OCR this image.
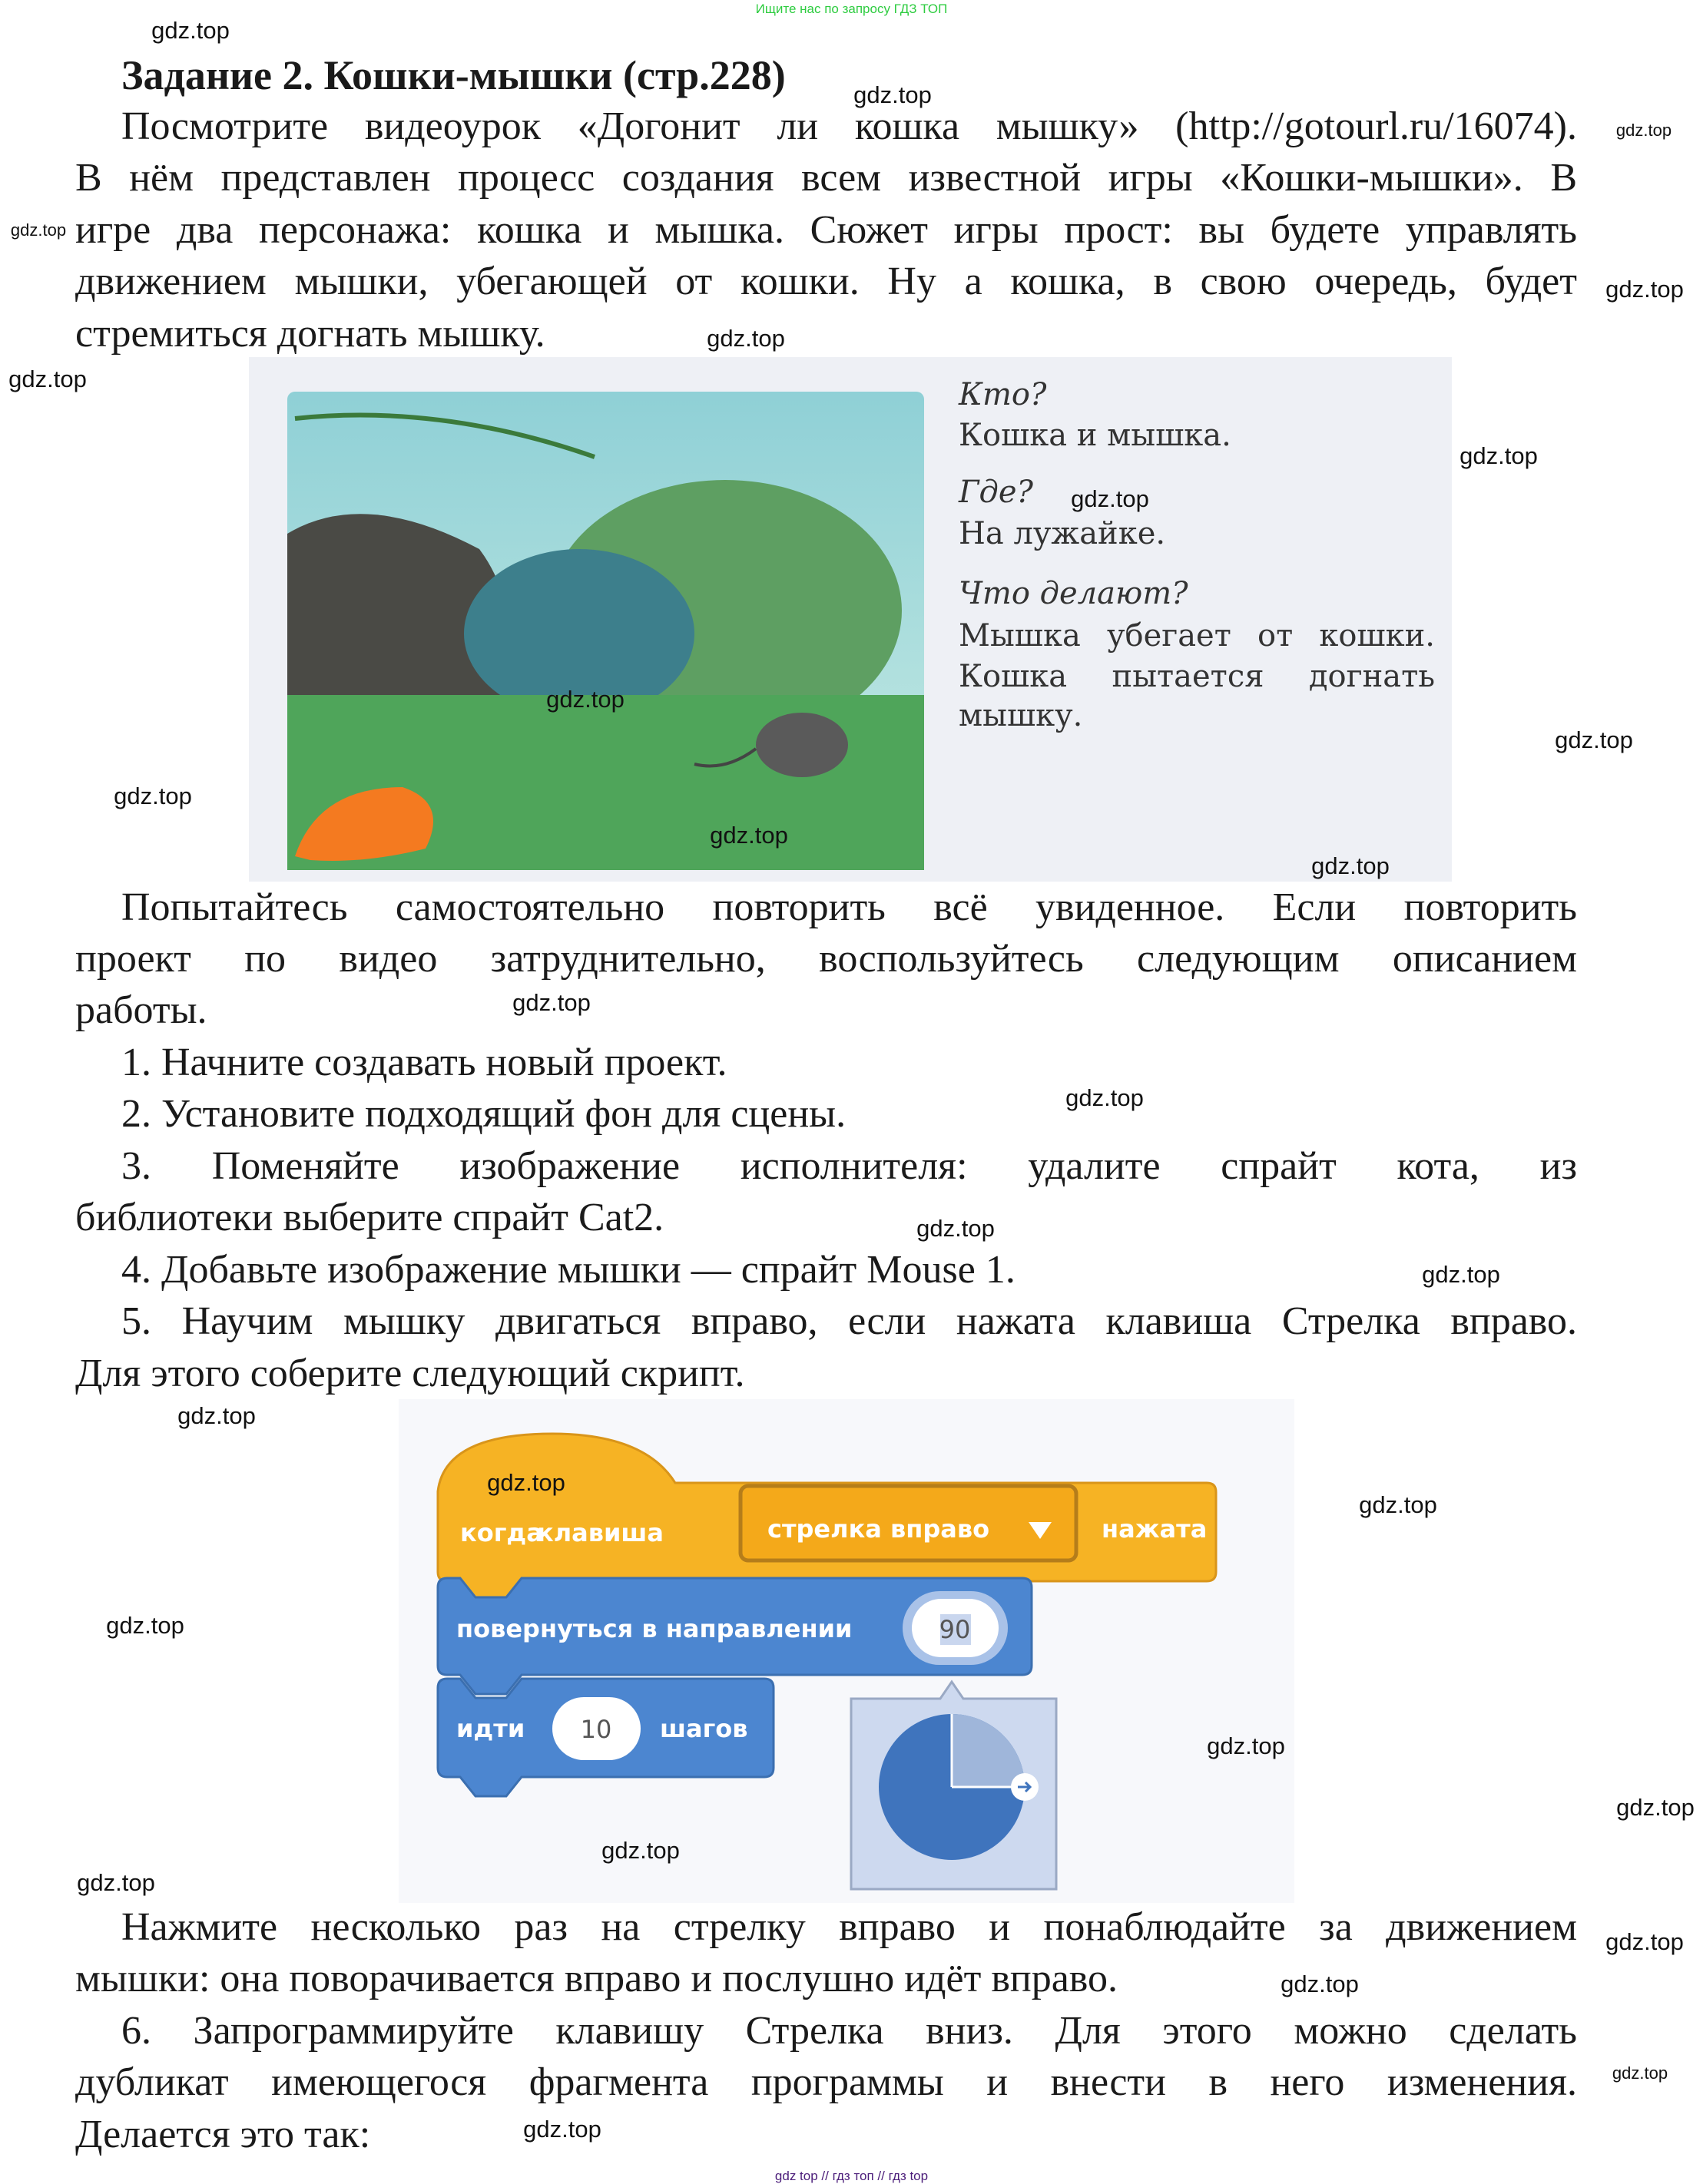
Ищите нас по запросу ГДЗ ТОП
Задание 2. Кошки-мышки (стр.228)
Посмотрите видеоурок «Догонит ли кошка мышку» (http://gotourl.ru/16074).
В нём представлен процесс создания всем известной игры «Кошки-мышки». В
игре два персонажа: кошка и мышка. Сюжет игры прост: вы будете управлять
движением мышки, убегающей от кошки. Ну а кошка, в свою очередь, будет
стремиться догнать мышку.
Кто?
Кошка и мышка.
Где?
На лужайке.
Что делают?
Мышка убегает от кошки.
Кошка пытается догнать
мышку.
Попытайтесь самостоятельно повторить всё увиденное. Если повторить
проект по видео затруднительно, воспользуйтесь следующим описанием
работы.
1. Начните создавать новый проект.
2. Установите подходящий фон для сцены.
3. Поменяйте изображение исполнителя: удалите спрайт кота, из
библиотеки выберите спрайт Cat2.
4. Добавьте изображение мышки — спрайт Mouse 1.
5. Научим мышку двигаться вправо, если нажата клавиша Стрелка вправо.
Для этого соберите следующий скрипт.
когда
клавиша	стрелка вправо	нажата
повернуться в направлении	90
идти 10 шагов
Нажмите несколько раз на стрелку вправо и понаблюдайте за движением
мышки: она поворачивается вправо и послушно идёт вправо.
6. Запрограммируйте клавишу Стрелка вниз. Для этого можно сделать
дубликат имеющегося фрагмента программы и внести в него изменения.
Делается это так:
gdz.top
gdz.top
gdz.top
gdz.top
gdz.top
gdz.top
gdz.top
gdz.top
gdz.top
gdz.top
gdz.top
gdz.top
gdz.top
gdz.top
gdz.top
gdz.top
gdz.top
gdz.top
gdz.top
gdz.top
gdz.top
gdz.top
gdz.top
gdz.top
gdz.top
gdz.top
gdz.top
gdz.top
gdz.top
gdz.top
gdz top // гдз топ // гдз top
